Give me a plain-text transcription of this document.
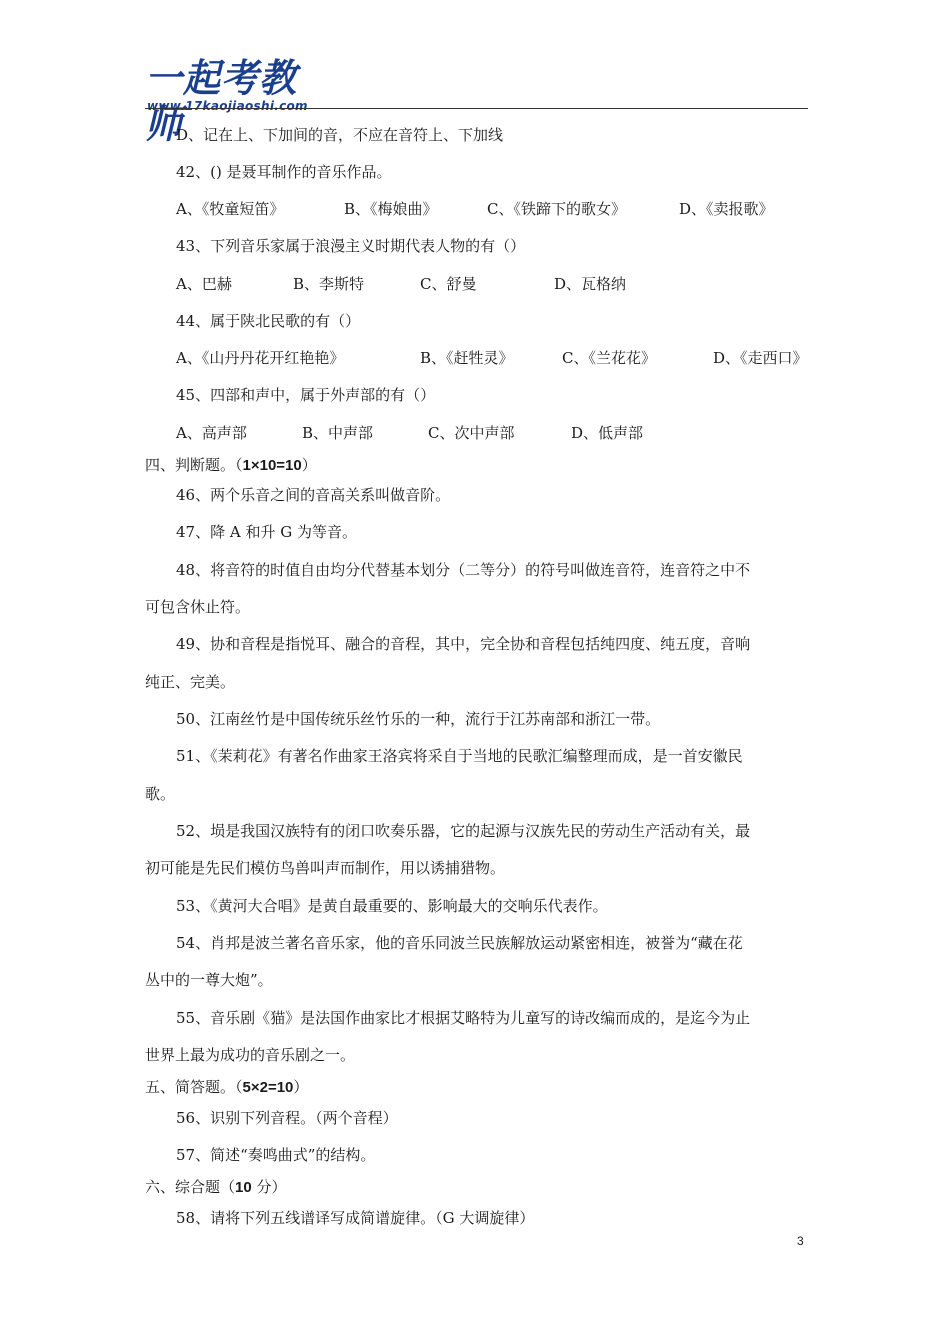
一起考教师
www.17kaojiaoshi.com
D、记在上、下加间的音，不应在音符上、下加线
42、() 是聂耳制作的音乐作品。
A、《牧童短笛》	B、《梅娘曲》	C、《铁蹄下的歌女》	D、《卖报歌》
43、下列音乐家属于浪漫主义时期代表人物的有（）
A、巴赫	B、李斯特	C、舒曼	D、瓦格纳
44、属于陕北民歌的有（）
A、《山丹丹花开红艳艳》	B、《赶牲灵》	C、《兰花花》	D、《走西口》
45、四部和声中，属于外声部的有（）
A、高声部	B、中声部	C、次中声部	D、低声部
四、判断题。（1×10=10）
46、两个乐音之间的音高关系叫做音阶。
47、降 A 和升 G 为等音。
48、将音符的时值自由均分代替基本划分（二等分）的符号叫做连音符，连音符之中不
可包含休止符。
49、协和音程是指悦耳、融合的音程，其中，完全协和音程包括纯四度、纯五度，音响
纯正、完美。
50、江南丝竹是中国传统乐丝竹乐的一种，流行于江苏南部和浙江一带。
51、《茉莉花》有著名作曲家王洛宾将采自于当地的民歌汇编整理而成，是一首安徽民
歌。
52、埙是我国汉族特有的闭口吹奏乐器，它的起源与汉族先民的劳动生产活动有关，最
初可能是先民们模仿鸟兽叫声而制作，用以诱捕猎物。
53、《黄河大合唱》是黄自最重要的、影响最大的交响乐代表作。
54、肖邦是波兰著名音乐家，他的音乐同波兰民族解放运动紧密相连，被誉为“藏在花
丛中的一尊大炮”。
55、音乐剧《猫》是法国作曲家比才根据艾略特为儿童写的诗改编而成的，是迄今为止
世界上最为成功的音乐剧之一。
五、简答题。（5×2=10）
56、识别下列音程。（两个音程）
57、简述“奏鸣曲式”的结构。
六、综合题（10 分）
58、请将下列五线谱译写成简谱旋律。（G 大调旋律）
3
